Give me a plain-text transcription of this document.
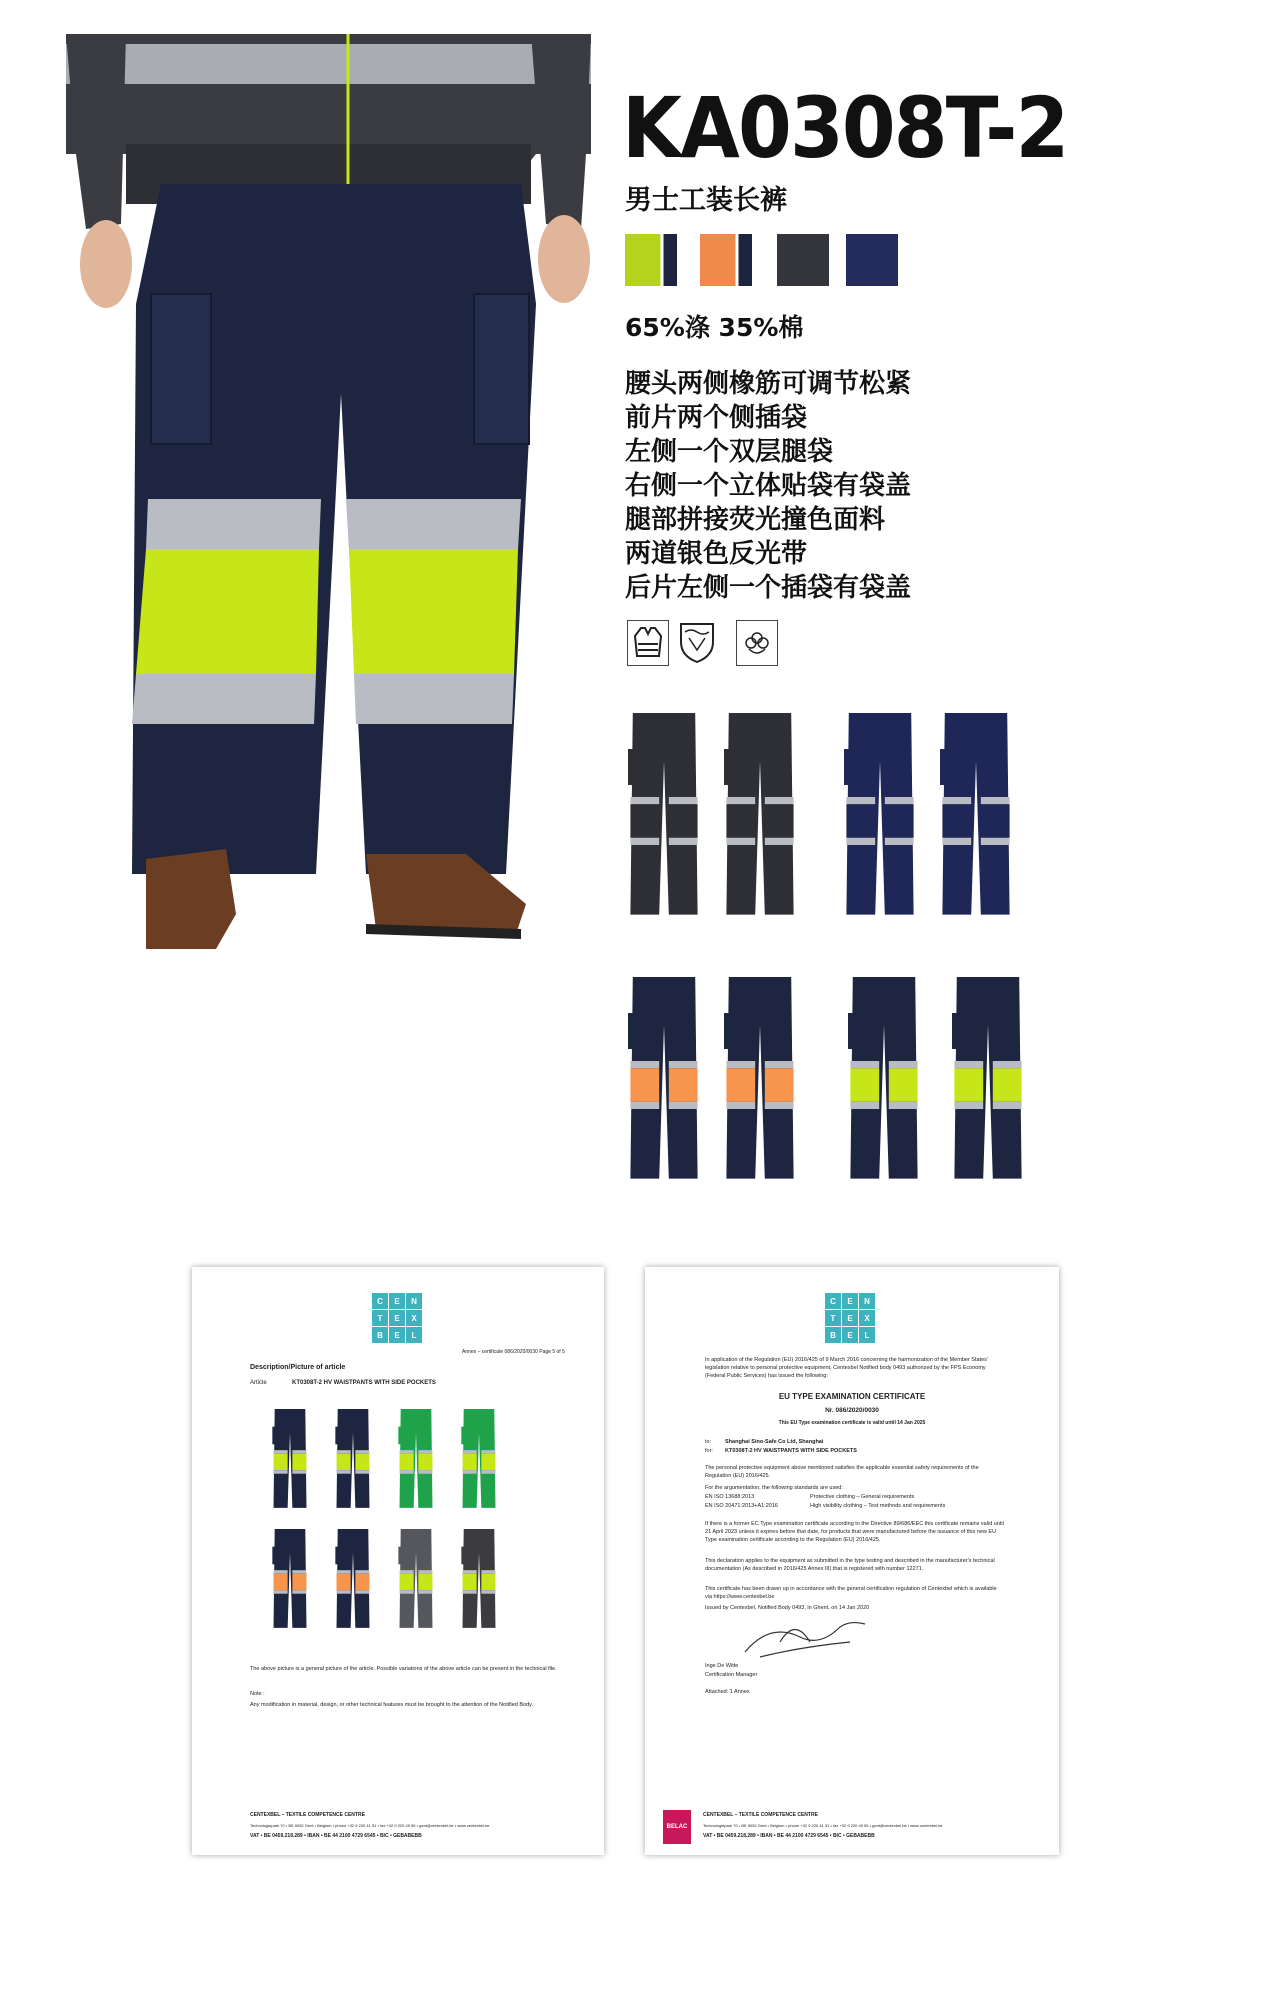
KA0308T-2
男士工装长裤
65%涤 35%棉
腰头两侧橡筋可调节松紧
前片两个侧插袋
左侧一个双层腿袋
右侧一个立体贴袋有袋盖
腿部拼接荧光撞色面料
两道银色反光带
后片左侧一个插袋有袋盖
C	E	N
T	E	X
B	E	L
Annex – certificate 086/2020/0030 Page 5 of 5
Description/Picture of article
Article	KT0308T-2 HV WAISTPANTS WITH SIDE POCKETS
The above picture is a general picture of the article. Possible variations of the above article can be present in the technical file.
Note :
Any modification in material, design, or other technical features must be brought to the attention of the Notified Body.
CENTEXBEL – TEXTILE COMPETENCE CENTRE
Technologiepark 70 • BE 9052 Gent • Belgium • phone +32 9 220 41 51 • fax +32 9 220 49 55 • gent@centexbel.be • www.centexbel.be
VAT • BE 0459.218.289 • IBAN • BE 44 2100 4729 6545 • BIC • GEBABEBB
C	E	N
T	E	X
B	E	L
In application of the Regulation (EU) 2016/425 of 9 March 2016 concerning the harmonization of the Member States' legislation relative to personal protective equipment, Centexbel Notified body 0493 authorized by the FPS Economy (Federal Public Services) has issued the following:
EU TYPE EXAMINATION CERTIFICATE
Nr. 086/2020/0030
This EU Type examination certificate is valid until 14 Jan 2025
to:	Shanghai Sino-Safe Co Ltd, Shanghai
for: KT0308T-2 HV WAISTPANTS WITH SIDE POCKETS
The personal protective equipment above mentioned satisfies the applicable essential safety requirements of the Regulation (EU) 2016/425.
For the argumentation, the following standards are used:
EN ISO 13688:2013	Protective clothing – General requirements
EN ISO 20471:2013+A1:2016	High visibility clothing – Test methods and requirements
If there is a former EC Type examination certificate according to the Directive 89/686/EEC this certificate remains valid until 21 April 2023 unless it expires before that date, for products that were manufactured before the issuance of this new EU Type examination certificate according to the Regulation (EU) 2016/425.
This declaration applies to the equipment as submitted in the type testing and described in the manufacturer's technical documentation (As described in 2016/425 Annex III) that is registered with number 12271.
This certificate has been drawn up in accordance with the general certification regulation of Centexbel which is available via https://www.centexbel.be
Issued by Centexbel, Notified Body 0493, in Ghent, on 14 Jan 2020
Inge De Witte
Certification Manager
Attached: 1 Annex
BELAC
CENTEXBEL – TEXTILE COMPETENCE CENTRE
Technologiepark 70 • BE 9052 Gent • Belgium • phone +32 9 220 41 51 • fax +32 9 220 49 55 • gent@centexbel.be • www.centexbel.be
VAT • BE 0459.218.289 • IBAN • BE 44 2100 4729 6545 • BIC • GEBABEBB
